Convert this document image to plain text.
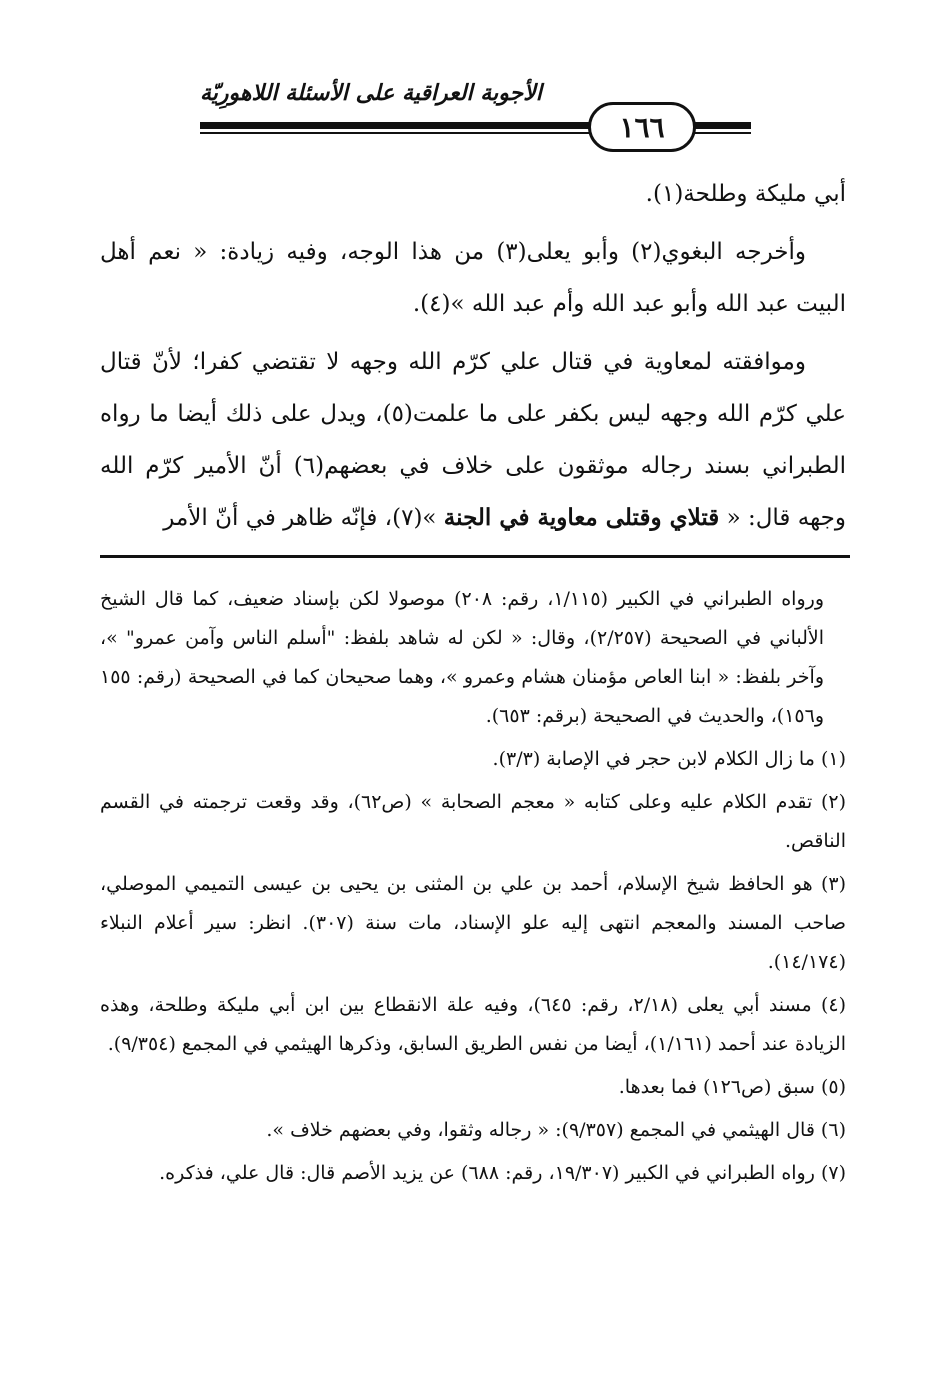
الأجوبة العراقية على الأسئلة اللاهورِيّة
١٦٦

أبي مليكة وطلحة(١).

وأخرجه البغوي(٢) وأبو يعلى(٣) من هذا الوجه، وفيه زيادة: « نعم أهل البيت عبد الله وأبو عبد الله وأم عبد الله »(٤).

وموافقته لمعاوية في قتال علي كرّم الله وجهه لا تقتضي كفرا؛ لأنّ قتال علي كرّم الله وجهه ليس بكفر على ما علمت(٥)، ويدل على ذلك أيضا ما رواه الطبراني بسند رجاله موثقون على خلاف في بعضهم(٦) أنّ الأمير كرّم الله وجهه قال: « قتلاي وقتلى معاوية في الجنة »(٧)، فإنّه ظاهر في أنّ الأمر

ورواه الطبراني في الكبير (١/١١٥، رقم: ٢٠٨) موصولا لكن بإسناد ضعيف، كما قال الشيخ الألباني في الصحيحة (٢/٢٥٧)، وقال: « لكن له شاهد بلفظ: "أسلم الناس وآمن عمرو" »، وآخر بلفظ: « ابنا العاص مؤمنان هشام وعمرو »، وهما صحيحان كما في الصحيحة (رقم: ١٥٥ و١٥٦)، والحديث في الصحيحة (برقم: ٦٥٣).

(١) ما زال الكلام لابن حجر في الإصابة (٣/٣).

(٢) تقدم الكلام عليه وعلى كتابه « معجم الصحابة » (ص٦٢)، وقد وقعت ترجمته في القسم الناقص.

(٣) هو الحافظ شيخ الإسلام، أحمد بن علي بن المثنى بن يحيى بن عيسى التميمي الموصلي، صاحب المسند والمعجم انتهى إليه علو الإسناد، مات سنة (٣٠٧). انظر: سير أعلام النبلاء (١٤/١٧٤).

(٤) مسند أبي يعلى (٢/١٨، رقم: ٦٤٥)، وفيه علة الانقطاع بين ابن أبي مليكة وطلحة، وهذه الزيادة عند أحمد (١/١٦١)، أيضا من نفس الطريق السابق، وذكرها الهيثمي في المجمع (٩/٣٥٤).

(٥) سبق (ص١٢٦) فما بعدها.

(٦) قال الهيثمي في المجمع (٩/٣٥٧): « رجاله وثقوا، وفي بعضهم خلاف ».

(٧) رواه الطبراني في الكبير (١٩/٣٠٧، رقم: ٦٨٨) عن يزيد الأصم قال: قال علي، فذكره.
